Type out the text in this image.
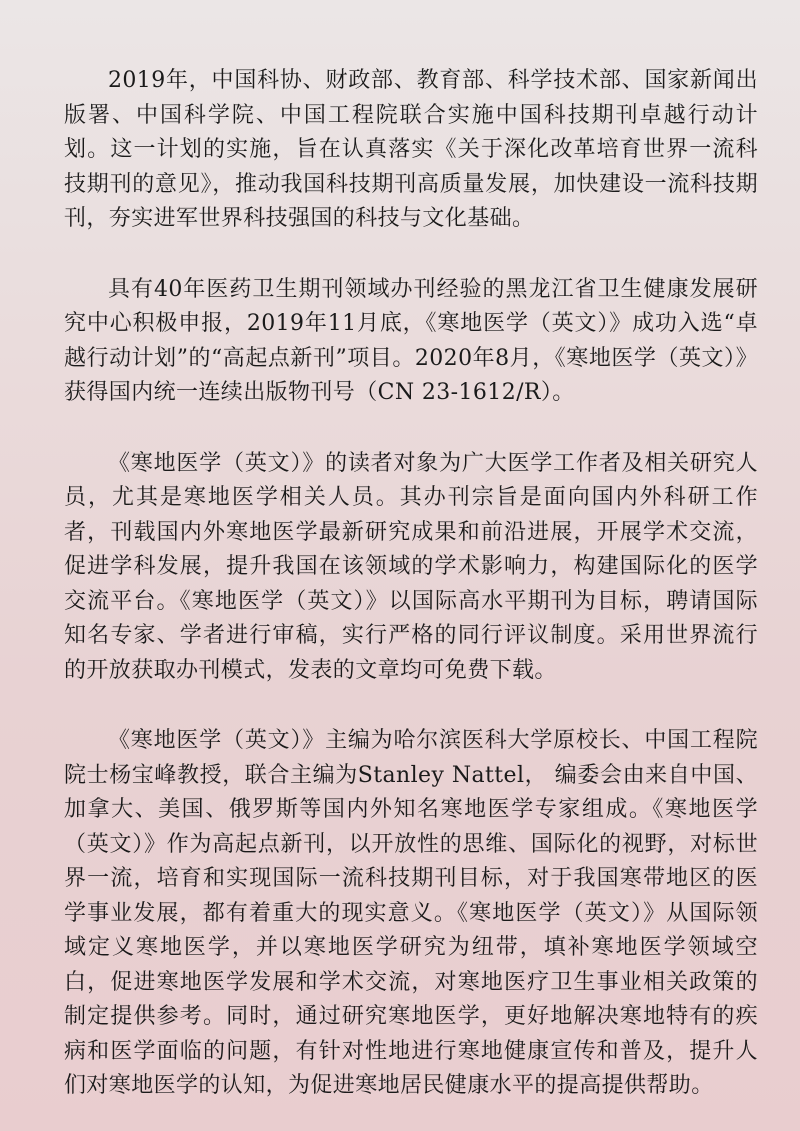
2019年，中国科协、财政部、教育部、科学技术部、国家新闻出版署、中国科学院、中国工程院联合实施中国科技期刊卓越行动计划。这一计划的实施，旨在认真落实《关于深化改革培育世界一流科技期刊的意见》，推动我国科技期刊高质量发展，加快建设一流科技期刊，夯实进军世界科技强国的科技与文化基础。

具有40年医药卫生期刊领域办刊经验的黑龙江省卫生健康发展研究中心积极申报，2019年11月底，《寒地医学（英文）》成功入选“卓越行动计划”的“高起点新刊”项目。2020年8月，《寒地医学（英文）》获得国内统一连续出版物刊号（CN 23-1612/R）。

《寒地医学（英文）》的读者对象为广大医学工作者及相关研究人员，尤其是寒地医学相关人员。其办刊宗旨是面向国内外科研工作者，刊载国内外寒地医学最新研究成果和前沿进展，开展学术交流，促进学科发展，提升我国在该领域的学术影响力，构建国际化的医学交流平台。《寒地医学（英文）》以国际高水平期刊为目标，聘请国际知名专家、学者进行审稿，实行严格的同行评议制度。采用世界流行的开放获取办刊模式，发表的文章均可免费下载。

《寒地医学（英文）》主编为哈尔滨医科大学原校长、中国工程院院士杨宝峰教授，联合主编为Stanley Nattel， 编委会由来自中国、加拿大、美国、俄罗斯等国内外知名寒地医学专家组成。《寒地医学（英文）》作为高起点新刊，以开放性的思维、国际化的视野，对标世界一流，培育和实现国际一流科技期刊目标，对于我国寒带地区的医学事业发展，都有着重大的现实意义。《寒地医学（英文）》从国际领域定义寒地医学，并以寒地医学研究为纽带，填补寒地医学领域空白，促进寒地医学发展和学术交流，对寒地医疗卫生事业相关政策的制定提供参考。同时，通过研究寒地医学，更好地解决寒地特有的疾病和医学面临的问题，有针对性地进行寒地健康宣传和普及，提升人们对寒地医学的认知，为促进寒地居民健康水平的提高提供帮助。
